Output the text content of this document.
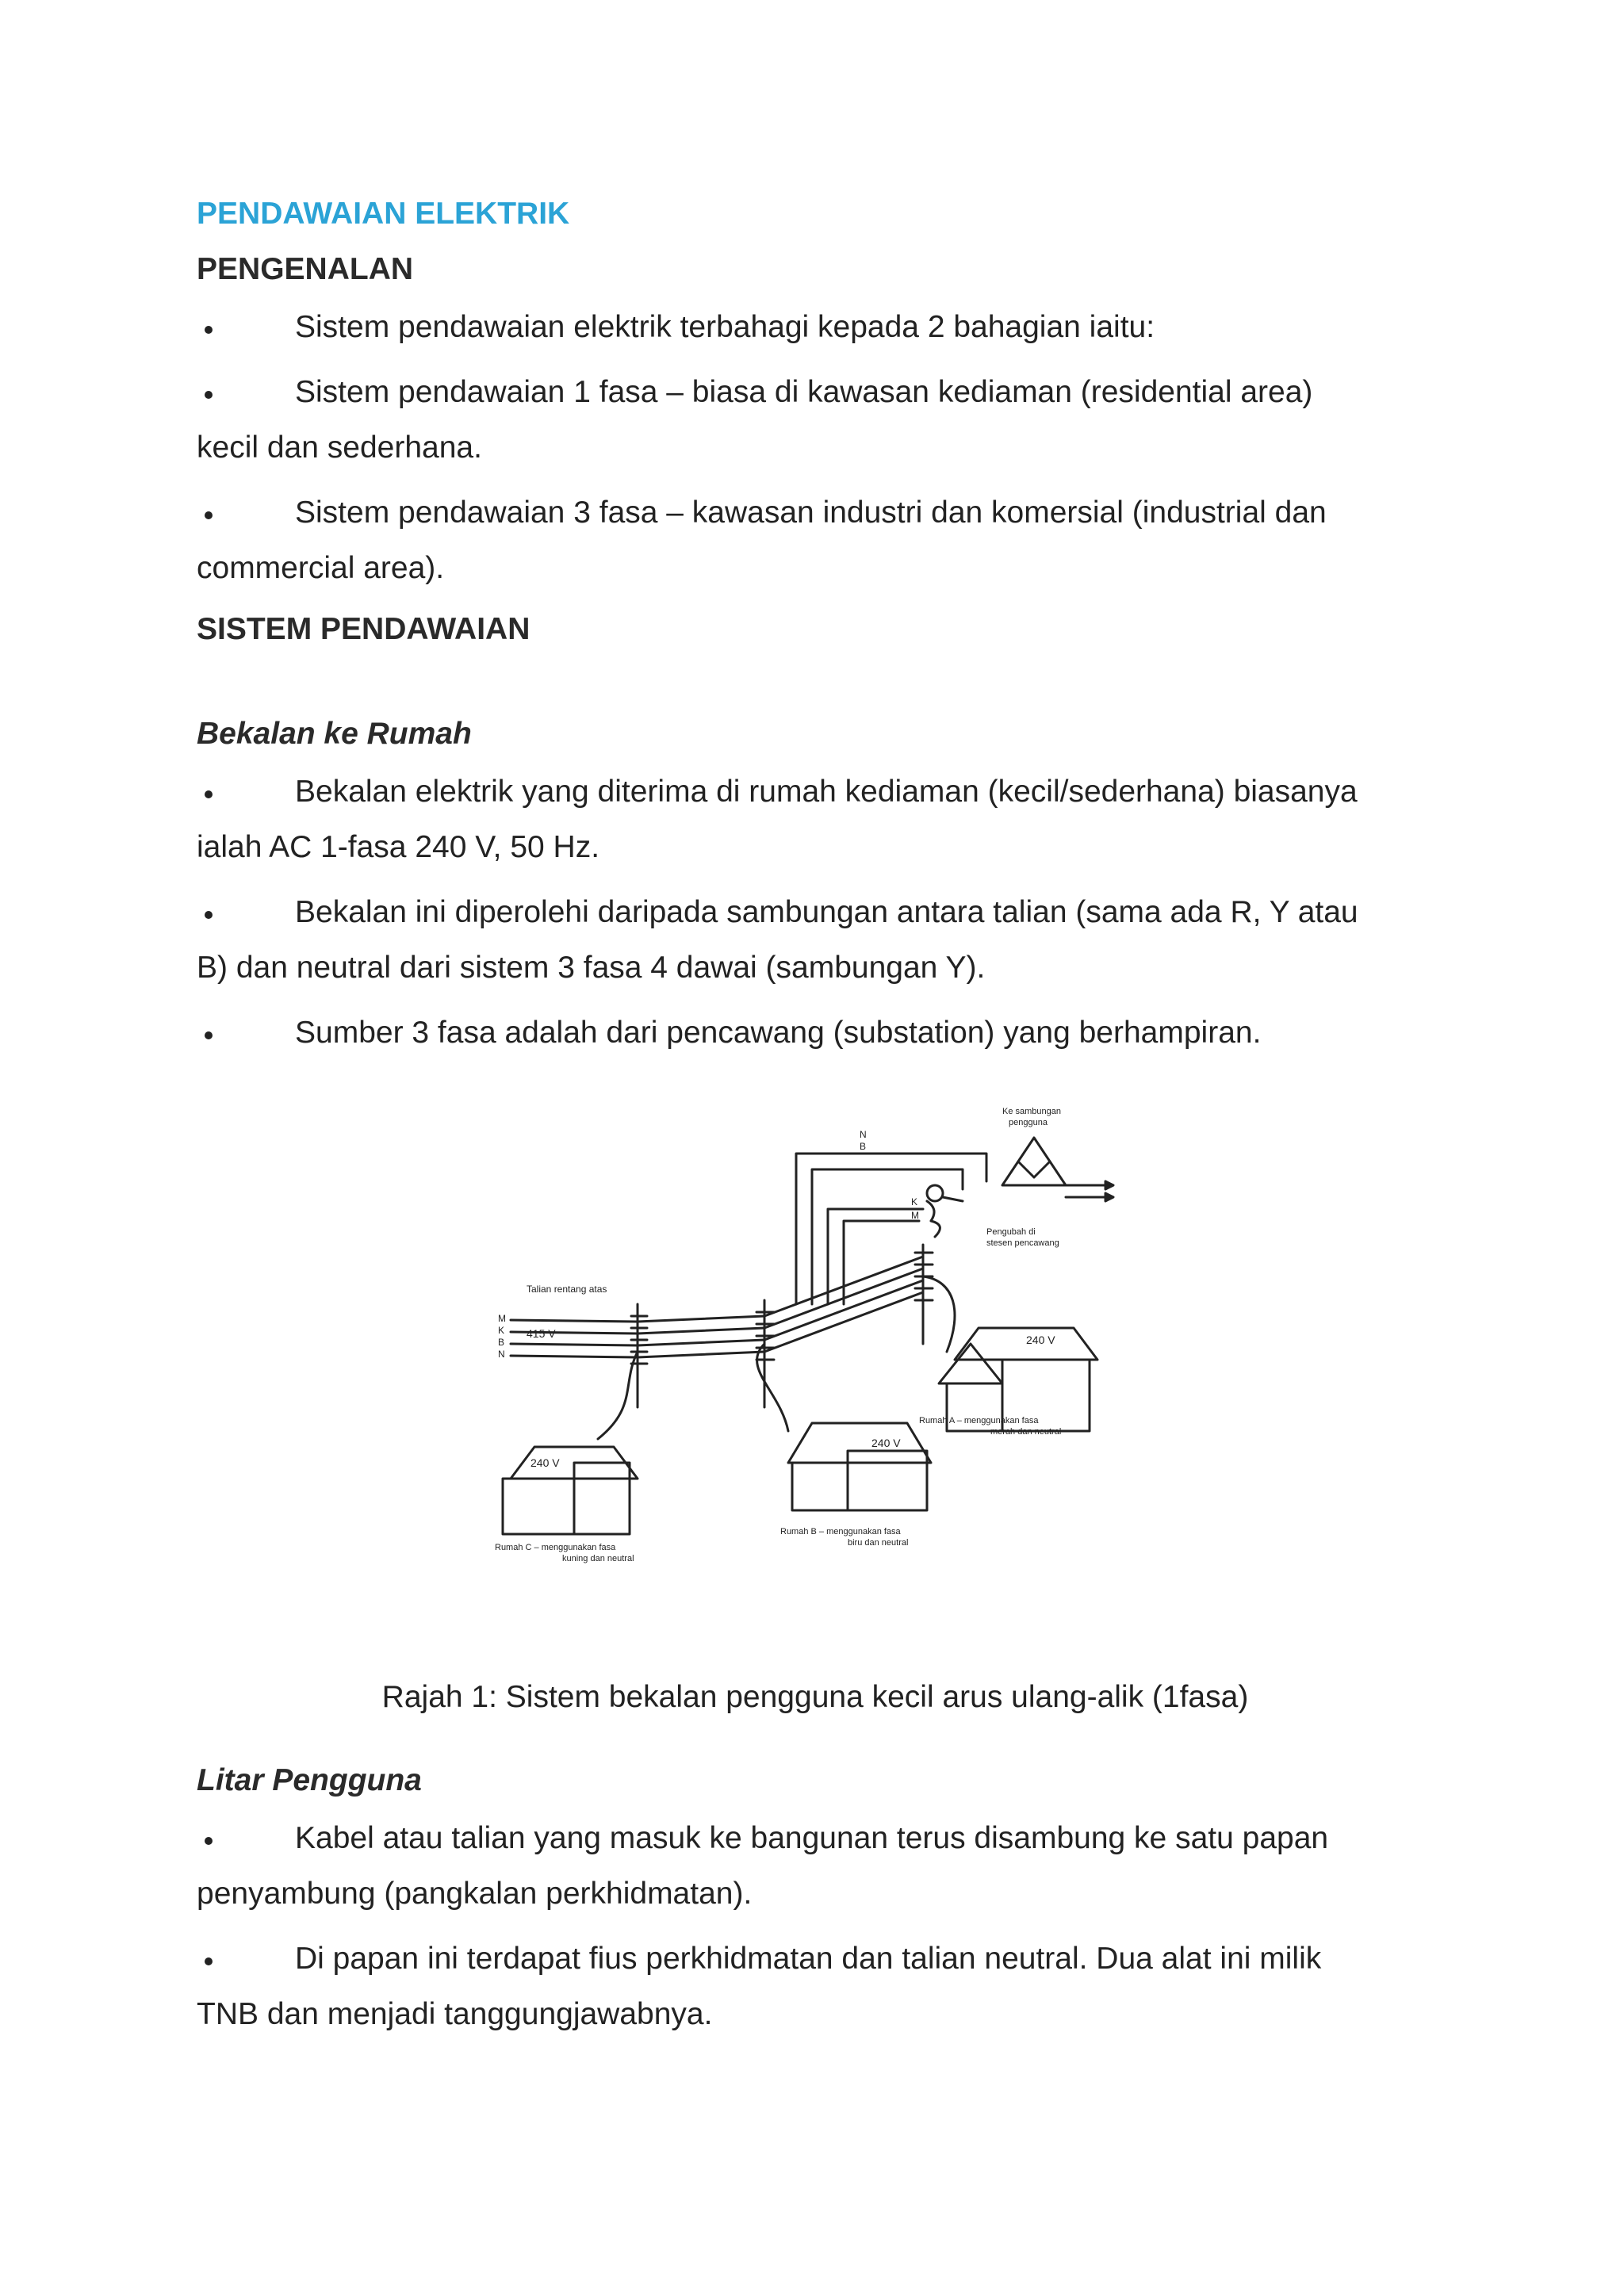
PENDAWAIAN ELEKTRIK

PENGENALAN

Sistem pendawaian elektrik terbahagi kepada 2 bahagian iaitu:

Sistem pendawaian 1 fasa – biasa di kawasan kediaman (residential area)
kecil dan sederhana.

Sistem pendawaian 3 fasa – kawasan industri dan komersial (industrial dan
commercial area).

SISTEM PENDAWAIAN

Bekalan ke Rumah

Bekalan elektrik yang diterima di rumah kediaman (kecil/sederhana) biasanya
ialah AC 1-fasa 240 V, 50 Hz.

Bekalan ini diperolehi daripada sambungan antara talian (sama ada R, Y atau
B) dan neutral dari sistem 3 fasa 4 dawai (sambungan Y).

Sumber 3 fasa adalah dari pencawang (substation) yang berhampiran.

Talian rentang atas
415 V
M
K
B
N
N
B
K
M
Ke sambungan
pengguna
Pengubah di
stesen pencawang
240 V
240 V
240 V
Rumah A – menggunakan fasa
merah dan neutral
Rumah B – menggunakan fasa
biru dan neutral
Rumah C – menggunakan fasa
kuning dan neutral

Rajah 1: Sistem bekalan pengguna kecil arus ulang-alik (1fasa)

Litar Pengguna

Kabel atau talian yang masuk ke bangunan terus disambung ke satu papan
penyambung (pangkalan perkhidmatan).

Di papan ini terdapat fius perkhidmatan dan talian neutral. Dua alat ini milik
TNB dan menjadi tanggungjawabnya.
